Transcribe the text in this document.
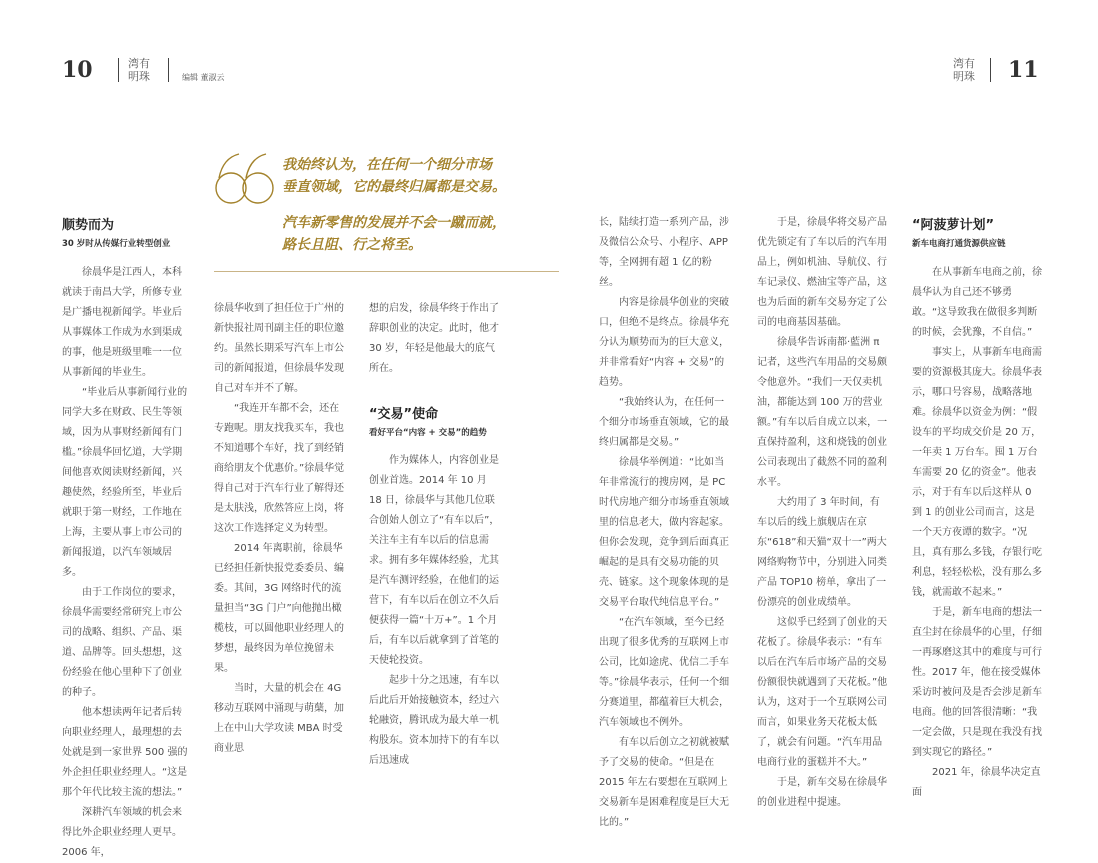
10	湾有
明珠	编辑 董淑云
湾有
明珠 11
我始终认为，在任何一个细分市场
垂直领域，它的最终归属都是交易。
汽车新零售的发展并不会一蹴而就，
路长且阻、行之将至。
顺势而为
30 岁时从传媒行业转型创业

徐晨华是江西人，本科就读于南昌大学，所修专业是广播电视新闻学。毕业后从事媒体工作成为水到渠成的事，他是班级里唯一一位从事新闻的毕业生。

“毕业后从事新闻行业的同学大多在财政、民生等领域，因为从事财经新闻有门槛。”徐晨华回忆道，大学期间他喜欢阅读财经新闻，兴趣使然，经验所至，毕业后就职于第一财经，工作地在上海，主要从事上市公司的新闻报道，以汽车领域居多。

由于工作岗位的要求，徐晨华需要经常研究上市公司的战略、组织、产品、渠道、品牌等。回头想想，这份经验在他心里种下了创业的种子。

他本想读两年记者后转向职业经理人，最理想的去处就是到一家世界 500 强的外企担任职业经理人。“这是那个年代比较主流的想法。”

深耕汽车领域的机会来得比外企职业经理人更早。2006 年，

徐晨华收到了担任位于广州的新快报社周刊副主任的职位邀约。虽然长期采写汽车上市公司的新闻报道，但徐晨华发现自己对车并不了解。

“我连开车都不会，还在专跑呢。朋友找我买车，我也不知道哪个车好，找了到经销商给朋友个优惠价。”徐晨华觉得自己对于汽车行业了解得还是太肤浅，欣然答应上岗，将这次工作选择定义为转型。

2014 年离职前，徐晨华已经担任新快报党委委员、编委。其间，3G 网络时代的流量担当“3G 门户”向他抛出橄榄枝，可以圆他职业经理人的梦想，最终因为单位挽留未果。

当时，大量的机会在 4G 移动互联网中涌现与萌蘖，加上在中山大学攻读 MBA 时受商业思

想的启发，徐晨华终于作出了辞职创业的决定。此时，他才 30 岁，年轻是他最大的底气所在。

“交易”使命
看好平台“内容 + 交易”的趋势

作为媒体人，内容创业是创业首选。2014 年 10 月 18 日，徐晨华与其他几位联合创始人创立了“有车以后”，关注车主有车以后的信息需求。拥有多年媒体经验，尤其是汽车测评经验，在他们的运营下，有车以后在创立不久后便获得一篇“十万+”。1 个月后，有车以后就拿到了首笔的天使轮投资。

起步十分之迅速，有车以后此后开始接触资本，经过六轮融资，腾讯成为最大单一机构股东。资本加持下的有车以后迅速成

长，陆续打造一系列产品，涉及微信公众号、小程序、APP 等，全网拥有超 1 亿的粉丝。

内容是徐晨华创业的突破口，但绝不是终点。徐晨华充分认为顺势而为的巨大意义，并非常看好“内容 + 交易”的趋势。

“我始终认为，在任何一个细分市场垂直领域，它的最终归属都是交易。”

徐晨华举例道：“比如当年非常流行的搜房网，是 PC 时代房地产细分市场垂直领域里的信息老大，做内容起家。但你会发现，竞争到后面真正崛起的是具有交易功能的贝壳、链家。这个现象体现的是交易平台取代纯信息平台。”

“在汽车领域，至今已经出现了很多优秀的互联网上市公司，比如途虎、优信二手车等。”徐晨华表示，任何一个细分赛道里，都蕴着巨大机会，汽车领域也不例外。

有车以后创立之初就被赋予了交易的使命。“但是在 2015 年左右要想在互联网上交易新车是困难程度是巨大无比的。”

于是，徐晨华将交易产品优先锁定有了车以后的汽车用品上，例如机油、导航仪、行车记录仪、燃油宝等产品，这也为后面的新车交易夯定了公司的电商基因基础。

徐晨华告诉南都·藍洲 π 记者，这些汽车用品的交易颇令他意外。“我们一天仅卖机油，都能达到 100 万的营业额。”有车以后自成立以来，一直保持盈利，这和烧钱的创业公司表现出了截然不同的盈利水平。

大约用了 3 年时间，有车以后的线上旗舰店在京东“618”和天猫“双十一”两大网络购物节中，分别进入同类产品 TOP10 榜单，拿出了一份漂亮的创业成绩单。

这似乎已经到了创业的天花板了。徐晨华表示：“有车以后在汽车后市场产品的交易份额很快就遇到了天花板。”他认为，这对于一个互联网公司而言，如果业务天花板太低了，就会有问题。“汽车用品电商行业的蛋糕并不大。”

于是，新车交易在徐晨华的创业进程中提速。

“阿菠萝计划”
新车电商打通货源供应链

在从事新车电商之前，徐晨华认为自己还不够勇敢。“这导致我在做很多判断的时候，会犹豫，不自信。”

事实上，从事新车电商需要的资源极其庞大。徐晨华表示，哪口号容易，战略落地难。徐晨华以资金为例：“假设车的平均成交价是 20 万，一年卖 1 万台车。囤 1 万台车需要 20 亿的资金”。他表示，对于有车以后这样从 0 到 1 的创业公司而言，这是一个天方夜谭的数字。“况且，真有那么多钱，存银行吃利息，轻轻松松，没有那么多钱，就需敢不起来。”

于是，新车电商的想法一直尘封在徐晨华的心里，仔细一再琢磨这其中的难度与可行性。2017 年，他在接受媒体采访时被问及是否会涉足新车电商。他的回答很清晰：“我一定会做，只是现在我没有找到实现它的路径。”

2021 年，徐晨华决定直面
